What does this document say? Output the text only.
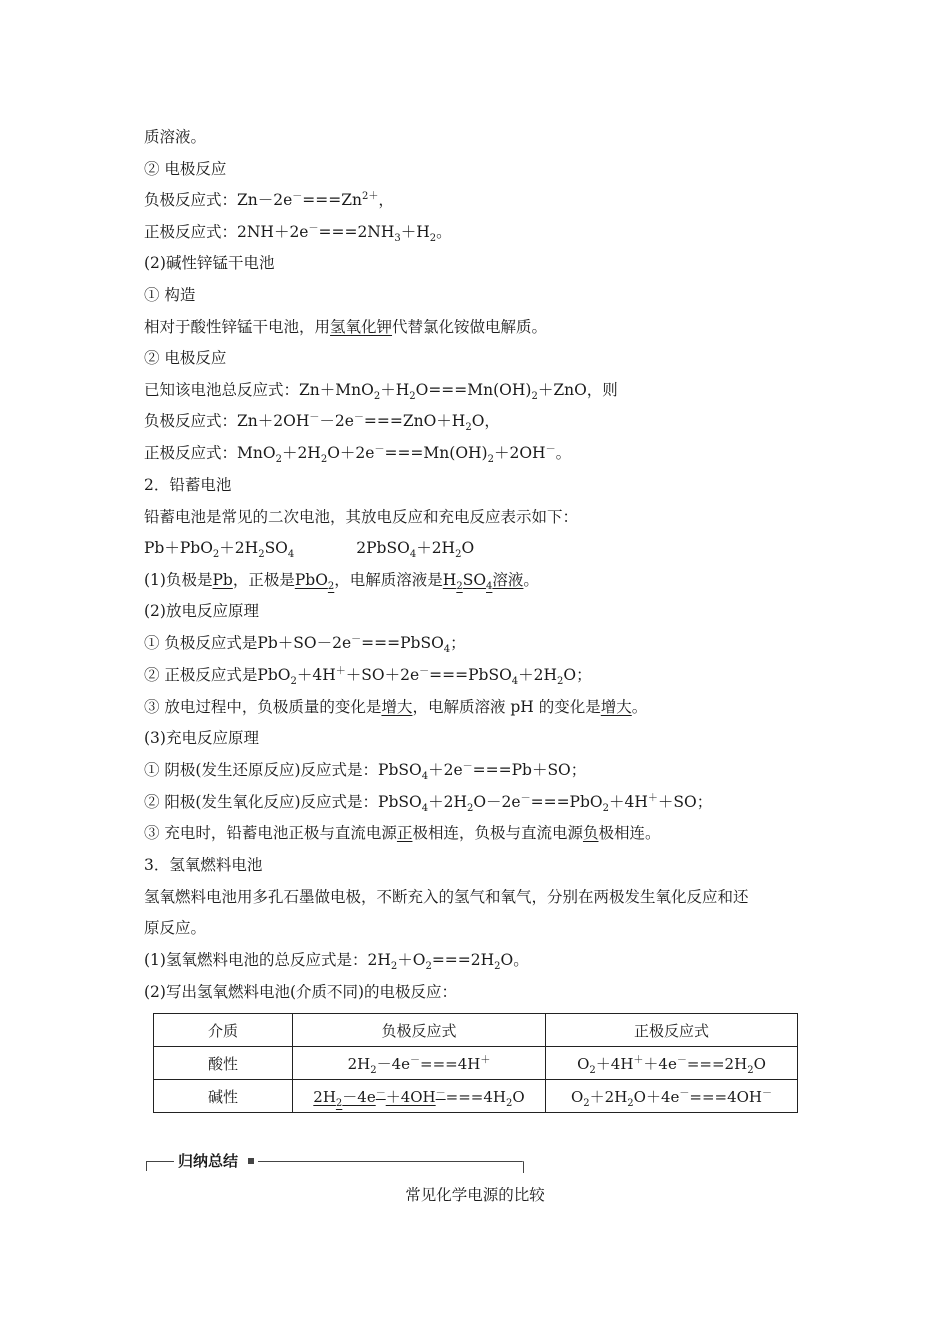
质溶液。
② 电极反应
负极反应式：$Zn-2e^-===Zn^{2+}$，
正极反应式：$2NH+2e^-===2NH_3+H_2$。
(2)碱性锌锰干电池
① 构造
相对于酸性锌锰干电池，用氢氧化钾代替氯化铵做电解质。
② 电极反应
已知该电池总反应式：$Zn+MnO_2+H_2O===Mn(OH)_2+ZnO$，则
负极反应式：$Zn+2OH^--2e^-===ZnO+H_2O$，
正极反应式：$MnO_2+2H_2O+2e^-===Mn(OH)_2+2OH^-$。
2．铅蓄电池
铅蓄电池是常见的二次电池，其放电反应和充电反应表示如下：
$Pb+PbO_2+2H_2SO_4$	$2PbSO_4+2H_2O$
(1)负极是Pb，正极是PbO$_2$，电解质溶液是$H_2SO_4$溶液。
(2)放电反应原理
① 负极反应式是Pb＋SO－2e－===PbSO$_4$；
② 正极反应式是$PbO_2+4H^++SO+2e^-===PbSO_4+2H_2O$；
③ 放电过程中，负极质量的变化是增大，电解质溶液 pH 的变化是增大。
(3)充电反应原理
① 阴极(发生还原反应)反应式是：PbSO$_4$＋2e－===Pb＋SO；
② 阳极(发生氧化反应)反应式是：$PbSO_4+2H_2O-2e^-===PbO_2+4H^++SO$；
③ 充电时，铅蓄电池正极与直流电源正极相连，负极与直流电源负极相连。
3．氢氧燃料电池
氢氧燃料电池用多孔石墨做电极，不断充入的氢气和氧气，分别在两极发生氧化反应和还
原反应。
(1)氢氧燃料电池的总反应式是：$2H_2+O_2===2H_2O$。
(2)写出氢氧燃料电池(介质不同)的电极反应：
介质	负极反应式	正极反应式
酸性	$2H_2-4e^-===4H^+$	$O_2+4H^++4e^-===2H_2O$
碱性	$2H_2-4e^-+4OH^-===4H_2O$	$O_2+2H_2O+4e^-===4OH^-$
归纳总结
常见化学电源的比较
